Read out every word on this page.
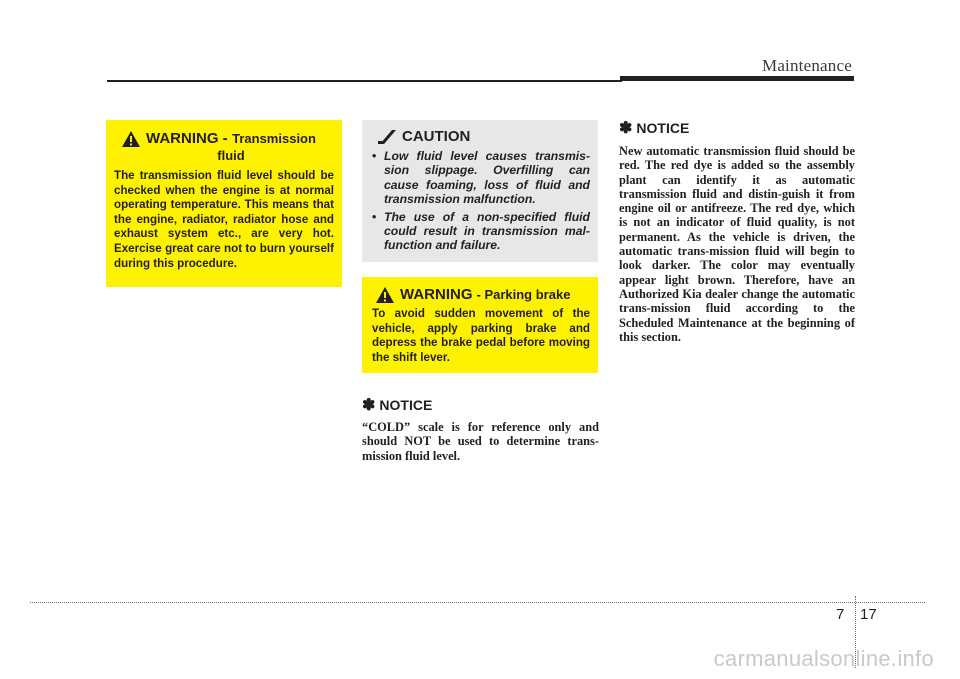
Maintenance
WARNING - Transmission
fluid
The transmission fluid level should be checked when the engine is at normal operating temperature. This means that the engine, radiator, radiator hose and exhaust system etc., are very hot. Exercise great care not to burn yourself during this procedure.
CAUTION
• Low fluid level causes transmis-sion slippage. Overfilling can cause foaming, loss of fluid and transmission malfunction.
• The use of a non-specified fluid could result in transmission mal-function and failure.
WARNING - Parking brake
To avoid sudden movement of the vehicle, apply parking brake and depress the brake pedal before moving the shift lever.
✽ NOTICE
“COLD” scale is for reference only and should NOT be used to determine trans-mission fluid level.
✽ NOTICE
New automatic transmission fluid should be red. The red dye is added so the assembly plant can identify it as automatic transmission fluid and distin-guish it from engine oil or antifreeze. The red dye, which is not an indicator of fluid quality, is not permanent. As the vehicle is driven, the automatic trans-mission fluid will begin to look darker. The color may eventually appear light brown. Therefore, have an Authorized Kia dealer change the automatic trans-mission fluid according to the Scheduled Maintenance at the beginning of this section.
7 17
carmanualsonline.info
